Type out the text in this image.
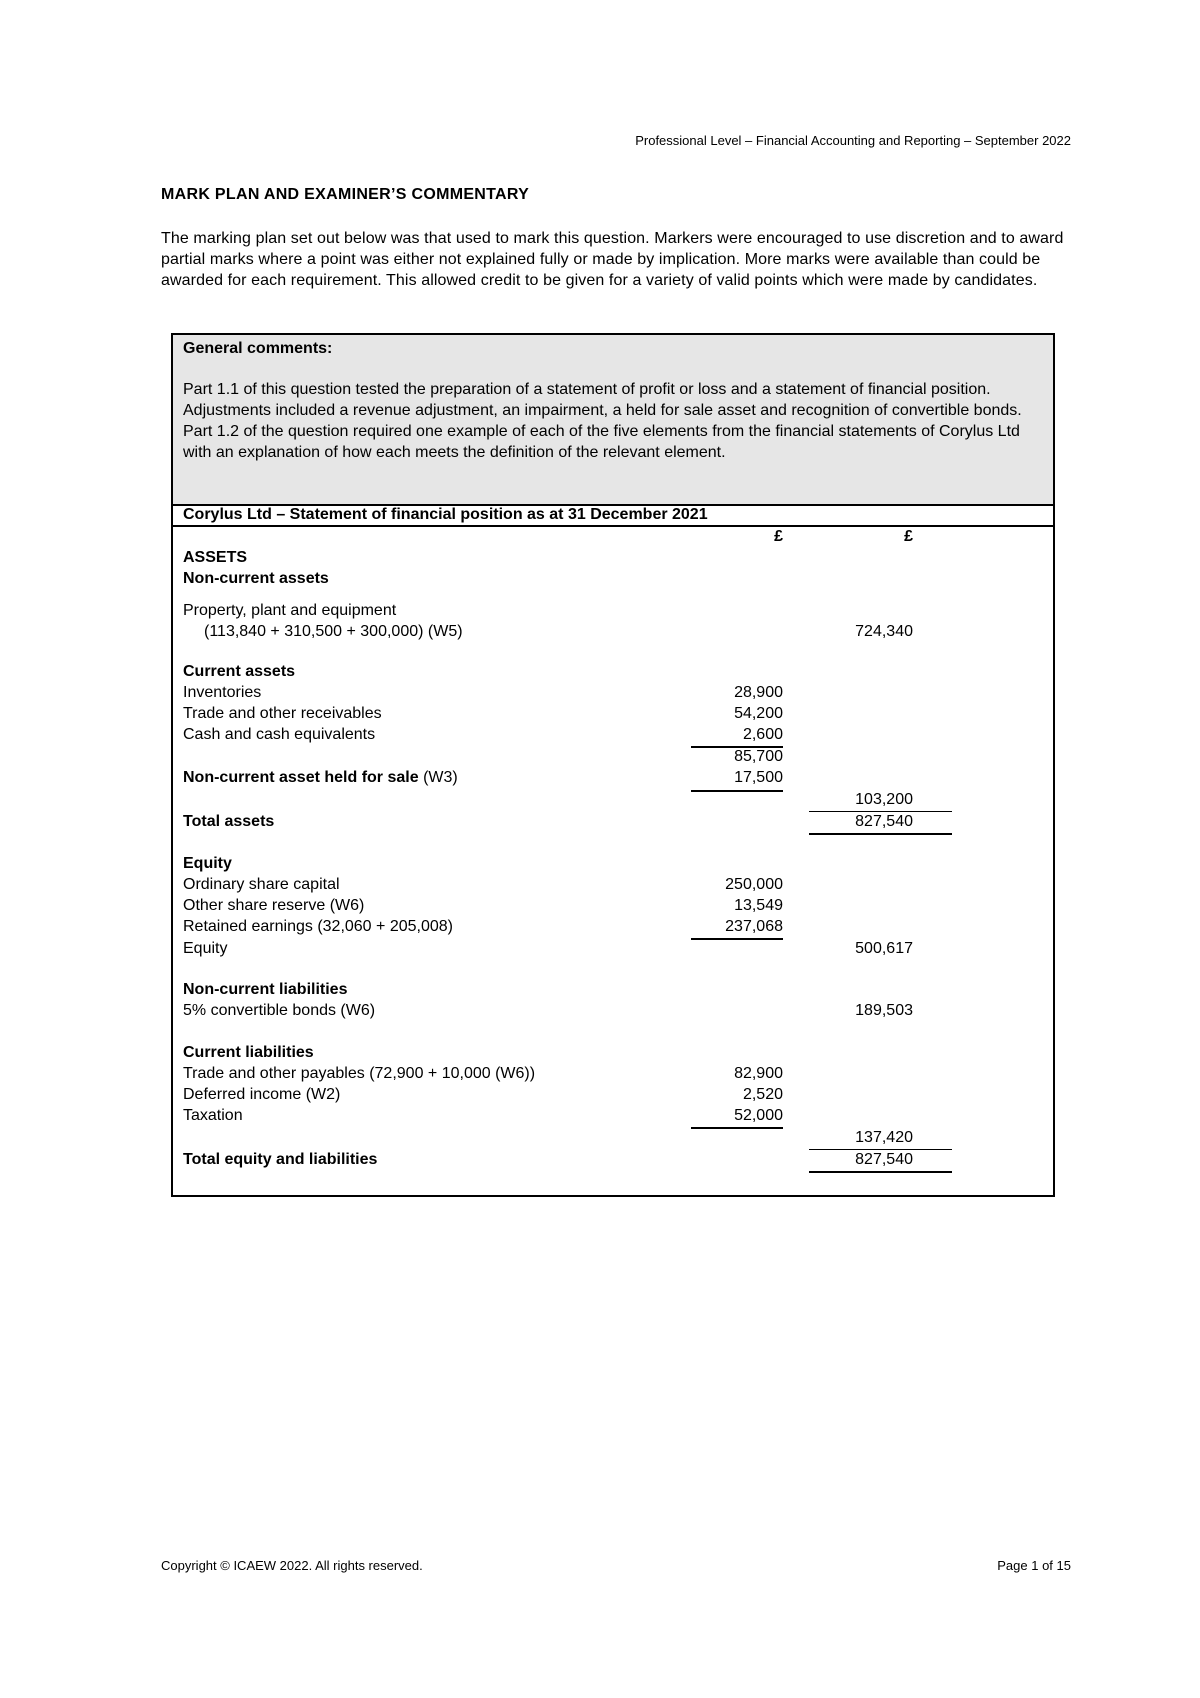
Professional Level – Financial Accounting and Reporting – September 2022
MARK PLAN AND EXAMINER’S COMMENTARY
The marking plan set out below was that used to mark this question. Markers were encouraged to use discretion and to award partial marks where a point was either not explained fully or made by implication. More marks were available than could be awarded for each requirement. This allowed credit to be given for a variety of valid points which were made by candidates.
General comments:
Part 1.1 of this question tested the preparation of a statement of profit or loss and a statement of financial position. Adjustments included a revenue adjustment, an impairment, a held for sale asset and recognition of convertible bonds. Part 1.2 of the question required one example of each of the five elements from the financial statements of Corylus Ltd with an explanation of how each meets the definition of the relevant element.
Corylus Ltd – Statement of financial position as at 31 December 2021
£	£
ASSETS
Non-current assets
Property, plant and equipment
(113,840 + 310,500 + 300,000) (W5)	724,340
Current assets
Inventories	28,900
Trade and other receivables	54,200
Cash and cash equivalents	2,600
85,700
Non-current asset held for sale (W3)	17,500
103,200
Total assets	827,540
Equity
Ordinary share capital	250,000
Other share reserve (W6)	13,549
Retained earnings (32,060 + 205,008)	237,068
Equity	500,617
Non-current liabilities
5% convertible bonds (W6)	189,503
Current liabilities
Trade and other payables (72,900 + 10,000 (W6))	82,900
Deferred income (W2)	2,520
Taxation	52,000
137,420
Total equity and liabilities	827,540
Copyright © ICAEW 2022. All rights reserved.	Page 1 of 15
